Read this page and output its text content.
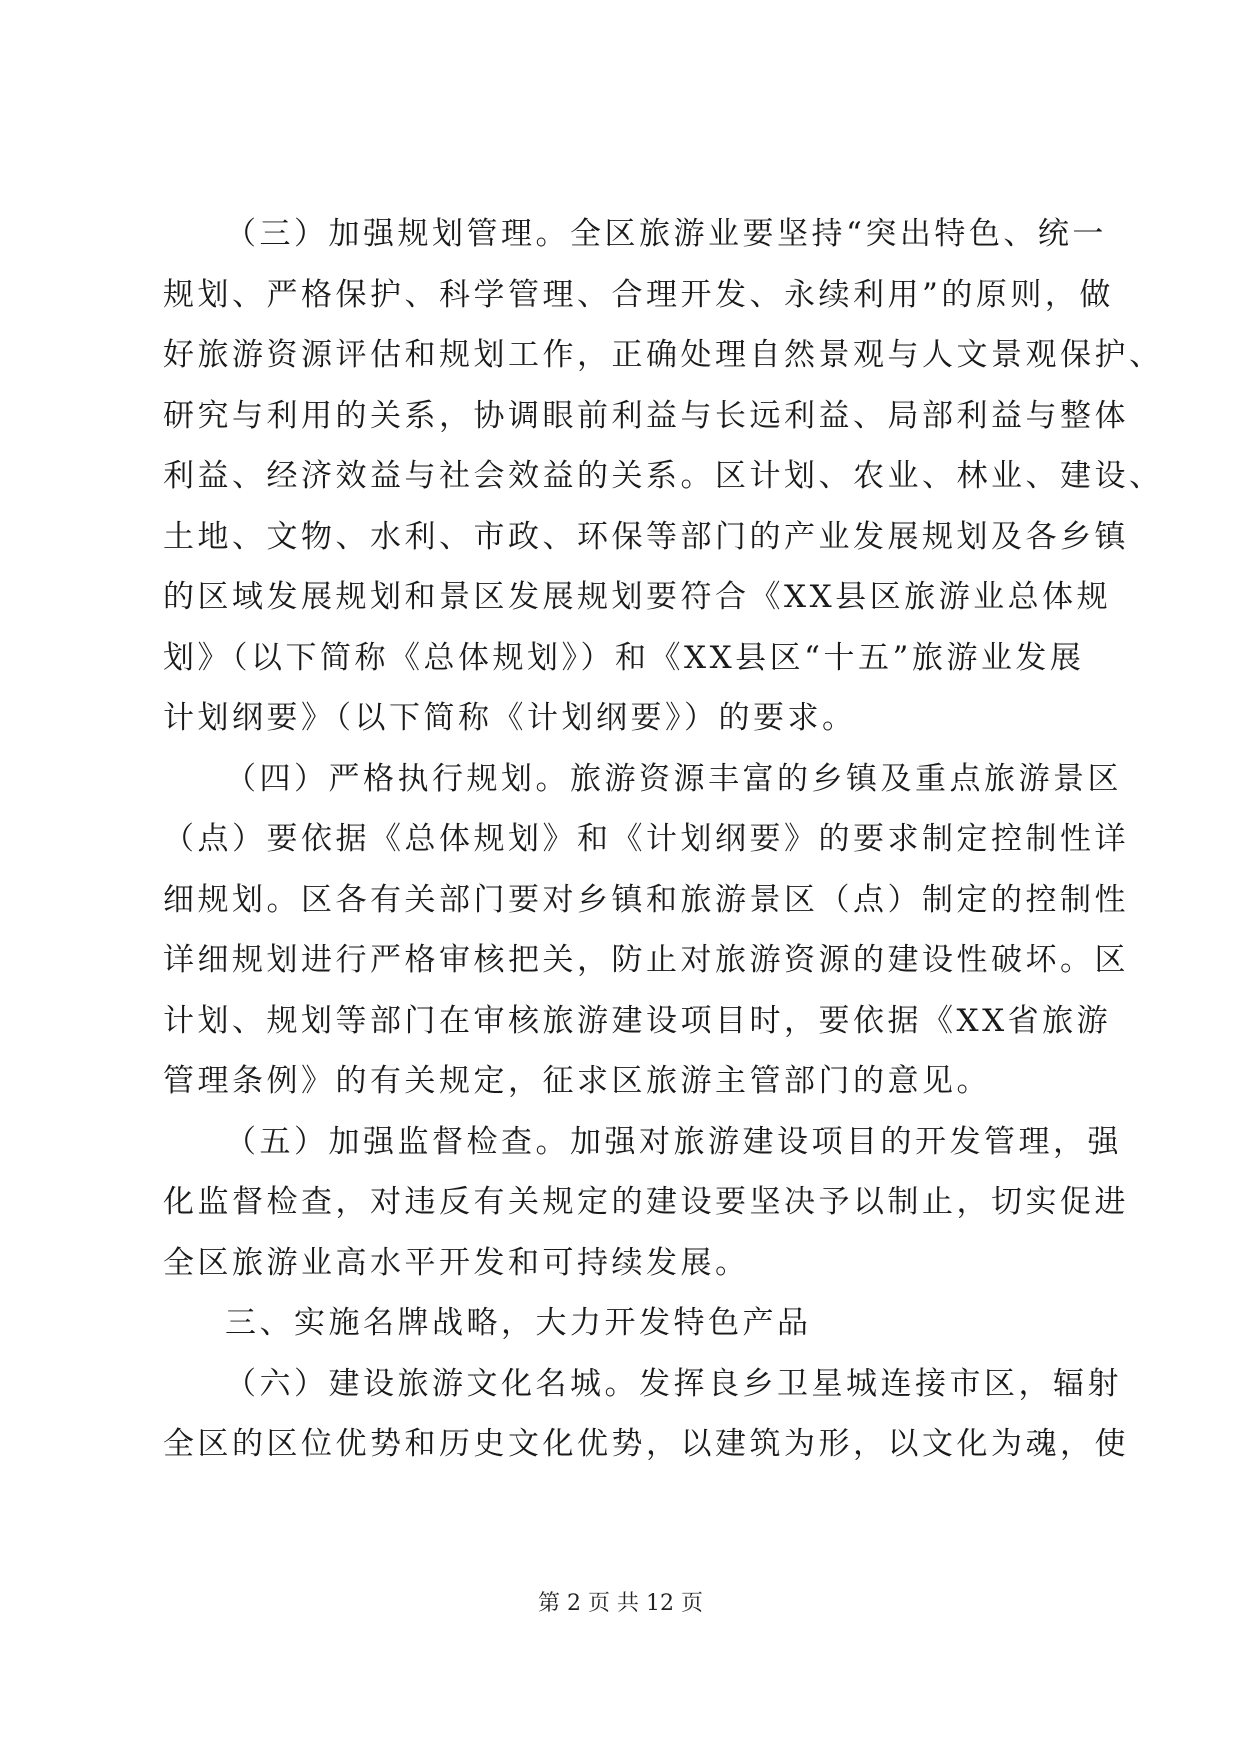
（三）加强规划管理。全区旅游业要坚持“突出特色、统一
规划、严格保护、科学管理、合理开发、永续利用”的原则，做
好旅游资源评估和规划工作，正确处理自然景观与人文景观保护、
研究与利用的关系，协调眼前利益与长远利益、局部利益与整体
利益、经济效益与社会效益的关系。区计划、农业、林业、建设、
土地、文物、水利、市政、环保等部门的产业发展规划及各乡镇
的区域发展规划和景区发展规划要符合《XX县区旅游业总体规
划》（以下简称《总体规划》）和《XX县区“十五”旅游业发展
计划纲要》（以下简称《计划纲要》）的要求。
（四）严格执行规划。旅游资源丰富的乡镇及重点旅游景区
（点）要依据《总体规划》和《计划纲要》的要求制定控制性详
细规划。区各有关部门要对乡镇和旅游景区（点）制定的控制性
详细规划进行严格审核把关，防止对旅游资源的建设性破坏。区
计划、规划等部门在审核旅游建设项目时，要依据《XX省旅游
管理条例》的有关规定，征求区旅游主管部门的意见。
（五）加强监督检查。加强对旅游建设项目的开发管理，强
化监督检查，对违反有关规定的建设要坚决予以制止，切实促进
全区旅游业高水平开发和可持续发展。
三、实施名牌战略，大力开发特色产品
（六）建设旅游文化名城。发挥良乡卫星城连接市区，辐射
全区的区位优势和历史文化优势，以建筑为形，以文化为魂，使
第 2 页 共 12 页
